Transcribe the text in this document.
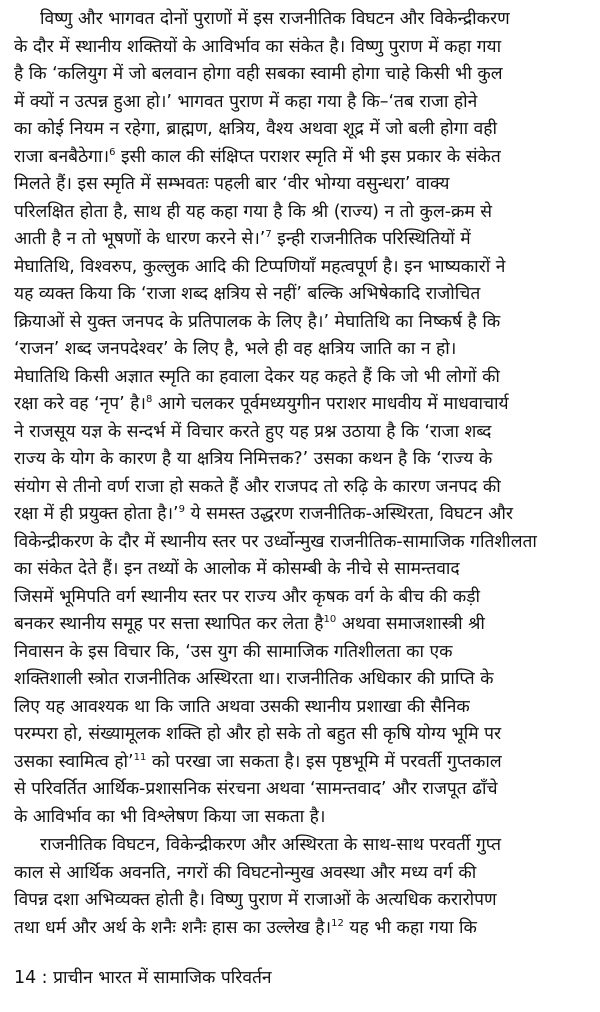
विष्णु और भागवत दोनों पुराणों में इस राजनीतिक विघटन और विकेन्द्रीकरण
के दौर में स्थानीय शक्तियों के आविर्भाव का संकेत है। विष्णु पुराण में कहा गया
है कि ‘कलियुग में जो बलवान होगा वही सबका स्वामी होगा चाहे किसी भी कुल
में क्यों न उत्पन्न हुआ हो।’ भागवत पुराण में कहा गया है कि–‘तब राजा होने
का कोई नियम न रहेगा, ब्राह्मण, क्षत्रिय, वैश्य अथवा शूद्र में जो बली होगा वही
राजा बनबैठेगा।$^6$ इसी काल की संक्षिप्त पराशर स्मृति में भी इस प्रकार के संकेत
मिलते हैं। इस स्मृति में सम्भवतः पहली बार ‘वीर भोग्या वसुन्धरा’ वाक्य
परिलक्षित होता है, साथ ही यह कहा गया है कि श्री (राज्य) न तो कुल-क्रम से
आती है न तो भूषणों के धारण करने से।’$^7$ इन्ही राजनीतिक परिस्थितियों में
मेघातिथि, विश्वरुप, कुल्लुक आदि की टिप्पणियाँ महत्वपूर्ण है। इन भाष्यकारों ने
यह व्यक्त किया कि ‘राजा शब्द क्षत्रिय से नहीं’ बल्कि अभिषेकादि राजोचित
क्रियाओं से युक्त जनपद के प्रतिपालक के लिए है।’ मेघातिथि का निष्कर्ष है कि
‘राजन’ शब्द जनपदेश्वर’ के लिए है, भले ही वह क्षत्रिय जाति का न हो।
मेघातिथि किसी अज्ञात स्मृति का हवाला देकर यह कहते हैं कि जो भी लोगों की
रक्षा करे वह ‘नृप’ है।$^8$ आगे चलकर पूर्वमध्ययुगीन पराशर माधवीय में माधवाचार्य
ने राजसूय यज्ञ के सन्दर्भ में विचार करते हुए यह प्रश्न उठाया है कि ‘राजा शब्द
राज्य के योग के कारण है या क्षत्रिय निमित्तक?’ उसका कथन है कि ‘राज्य के
संयोग से तीनो वर्ण राजा हो सकते हैं और राजपद तो रुढ़ि के कारण जनपद की
रक्षा में ही प्रयुक्त होता है।’$^9$ ये समस्त उद्धरण राजनीतिक-अस्थिरता, विघटन और
विकेन्द्रीकरण के दौर में स्थानीय स्तर पर उर्ध्वोन्मुख राजनीतिक-सामाजिक गतिशीलता
का संकेत देते हैं। इन तथ्यों के आलोक में कोसम्बी के नीचे से सामन्तवाद
जिसमें भूमिपति वर्ग स्थानीय स्तर पर राज्य और कृषक वर्ग के बीच की कड़ी
बनकर स्थानीय समूह पर सत्ता स्थापित कर लेता है$^{10}$ अथवा समाजशास्त्री श्री
निवासन के इस विचार कि, ‘उस युग की सामाजिक गतिशीलता का एक
शक्तिशाली स्त्रोत राजनीतिक अस्थिरता था। राजनीतिक अधिकार की प्राप्ति के
लिए यह आवश्यक था कि जाति अथवा उसकी स्थानीय प्रशाखा की सैनिक
परम्परा हो, संख्यामूलक शक्ति हो और हो सके तो बहुत सी कृषि योग्य भूमि पर
उसका स्वामित्व हो’$^{11}$ को परखा जा सकता है। इस पृष्ठभूमि में परवर्ती गुप्तकाल
से परिवर्तित आर्थिक-प्रशासनिक संरचना अथवा ‘सामन्तवाद’ और राजपूत ढाँचे
के आविर्भाव का भी विश्लेषण किया जा सकता है।
राजनीतिक विघटन, विकेन्द्रीकरण और अस्थिरता के साथ-साथ परवर्ती गुप्त
काल से आर्थिक अवनति, नगरों की विघटनोन्मुख अवस्था और मध्य वर्ग की
विपन्न दशा अभिव्यक्त होती है। विष्णु पुराण में राजाओं के अत्यधिक करारोपण
तथा धर्म और अर्थ के शनैः शनैः हास का उल्लेख है।$^{12}$ यह भी कहा गया कि
14 : प्राचीन भारत में सामाजिक परिवर्तन
